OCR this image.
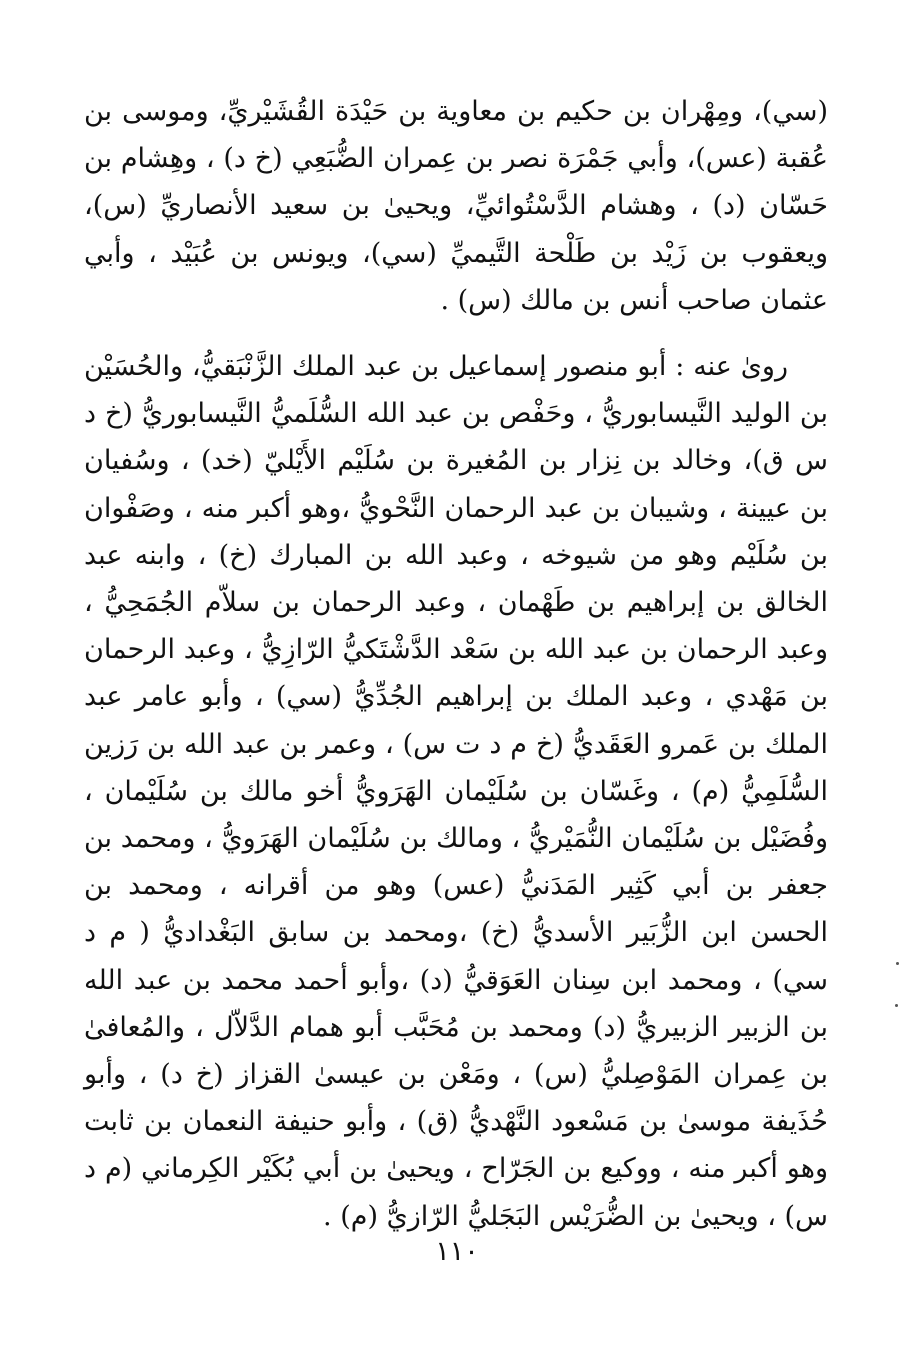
(سي)، ومِهْران بن حكيم بن معاوية بن حَيْدَة القُشَيْريِّ، وموسى بن عُقبة (عس)، وأبي جَمْرَة نصر بن عِمران الضُّبَعِي (خ د) ، وهِشام بن حَسّان (د) ، وهشام الدَّسْتُوائيِّ، ويحيىٰ بن سعيد الأنصاريِّ (س)، ويعقوب بن زَيْد بن طَلْحة التَّيميِّ (سي)، ويونس بن عُبَيْد ، وأبي عثمان صاحب أنس بن مالك (س) .

روىٰ عنه : أبو منصور إسماعيل بن عبد الملك الزَّنْبَقيُّ، والحُسَيْن بن الوليد النَّيسابوريُّ ، وحَفْص بن عبد الله السُّلَميُّ النَّيسابوريُّ (خ د س ق)، وخالد بن نِزار بن المُغيرة بن سُلَيْم الأَيْليّ (خد) ، وسُفيان بن عيينة ، وشيبان بن عبد الرحمان النَّحْويُّ ،وهو أكبر منه ، وصَفْوان بن سُلَيْم وهو من شيوخه ، وعبد الله بن المبارك (خ) ، وابنه عبد الخالق بن إبراهيم بن طَهْمان ، وعبد الرحمان بن سلاّم الجُمَحِيُّ ، وعبد الرحمان بن عبد الله بن سَعْد الدَّشْتَكيُّ الرّازِيُّ ، وعبد الرحمان بن مَهْدي ، وعبد الملك بن إبراهيم الجُدِّيُّ (سي) ، وأبو عامر عبد الملك بن عَمرو العَقَديُّ (خ م د ت س) ، وعمر بن عبد الله بن رَزين السُّلَمِيُّ (م) ، وغَسّان بن سُلَيْمان الهَرَويُّ أخو مالك بن سُلَيْمان ، وفُضَيْل بن سُلَيْمان النُّمَيْريُّ ، ومالك بن سُلَيْمان الهَرَويُّ ، ومحمد بن جعفر بن أبي كَثِير المَدَنيُّ (عس) وهو من أقرانه ، ومحمد بن الحسن ابن الزُّبَير الأسديُّ (خ) ،ومحمد بن سابق البَغْداديُّ ( م د سي) ، ومحمد ابن سِنان العَوَقيُّ (د) ،وأبو أحمد محمد بن عبد الله بن الزبير الزبيريُّ (د) ومحمد بن مُحَبَّب أبو همام الدَّلاّل ، والمُعافىٰ بن عِمران المَوْصِليُّ (س) ، ومَعْن بن عيسىٰ القزاز (خ د) ، وأبو حُذَيفة موسىٰ بن مَسْعود النَّهْديُّ (ق) ، وأبو حنيفة النعمان بن ثابت وهو أكبر منه ، ووكيع بن الجَرّاح ، ويحيىٰ بن أبي بُكَيْر الكِرماني (م د س) ، ويحيىٰ بن الضُّرَيْس البَجَليُّ الرّازيُّ (م) .

١١٠
